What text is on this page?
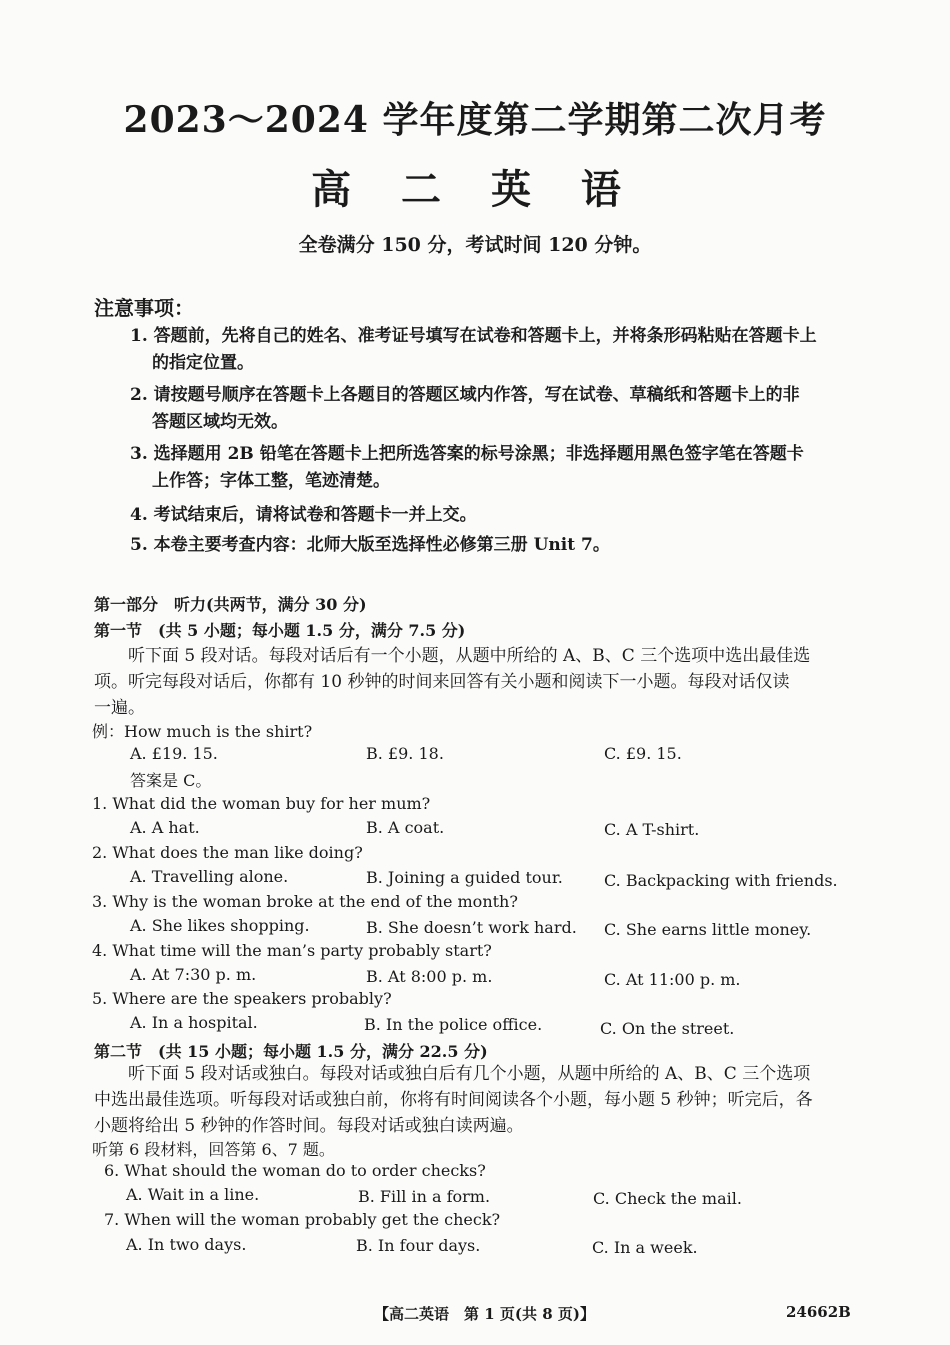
2023～2024 学年度第二学期第二次月考
高 二 英 语
全卷满分 150 分，考试时间 120 分钟。
注意事项：
1. 答题前，先将自己的姓名、准考证号填写在试卷和答题卡上，并将条形码粘贴在答题卡上
的指定位置。
2. 请按题号顺序在答题卡上各题目的答题区域内作答，写在试卷、草稿纸和答题卡上的非
答题区域均无效。
3. 选择题用 2B 铅笔在答题卡上把所选答案的标号涂黑；非选择题用黑色签字笔在答题卡
上作答；字体工整，笔迹清楚。
4. 考试结束后，请将试卷和答题卡一并上交。
5. 本卷主要考查内容：北师大版至选择性必修第三册 Unit 7。
第一部分　听力(共两节，满分 30 分)
第一节　(共 5 小题；每小题 1.5 分，满分 7.5 分)
听下面 5 段对话。每段对话后有一个小题，从题中所给的 A、B、C 三个选项中选出最佳选
项。听完每段对话后，你都有 10 秒钟的时间来回答有关小题和阅读下一小题。每段对话仅读
一遍。
例：How much is the shirt?
A. £19. 15.	B. £9. 18.	C. £9. 15.
答案是 C。
1. What did the woman buy for her mum?
A. A hat.	B. A coat.	C. A T-shirt.
2. What does the man like doing?
A. Travelling alone.	B. Joining a guided tour.	C. Backpacking with friends.
3. Why is the woman broke at the end of the month?
A. She likes shopping.	B. She doesn’t work hard. C. She earns little money.
4. What time will the man’s party probably start?
A. At 7:30 p. m.	B. At 8:00 p. m.	C. At 11:00 p. m.
5. Where are the speakers probably?
A. In a hospital.	B. In the police office.	C. On the street.
第二节　(共 15 小题；每小题 1.5 分，满分 22.5 分)
听下面 5 段对话或独白。每段对话或独白后有几个小题，从题中所给的 A、B、C 三个选项
中选出最佳选项。听每段对话或独白前，你将有时间阅读各个小题，每小题 5 秒钟；听完后，各
小题将给出 5 秒钟的作答时间。每段对话或独白读两遍。
听第 6 段材料，回答第 6、7 题。
6. What should the woman do to order checks?
A. Wait in a line.	B. Fill in a form.	C. Check the mail.
7. When will the woman probably get the check?
A. In two days.	B. In four days.	C. In a week.
【高二英语　第 1 页(共 8 页)】	24662B
